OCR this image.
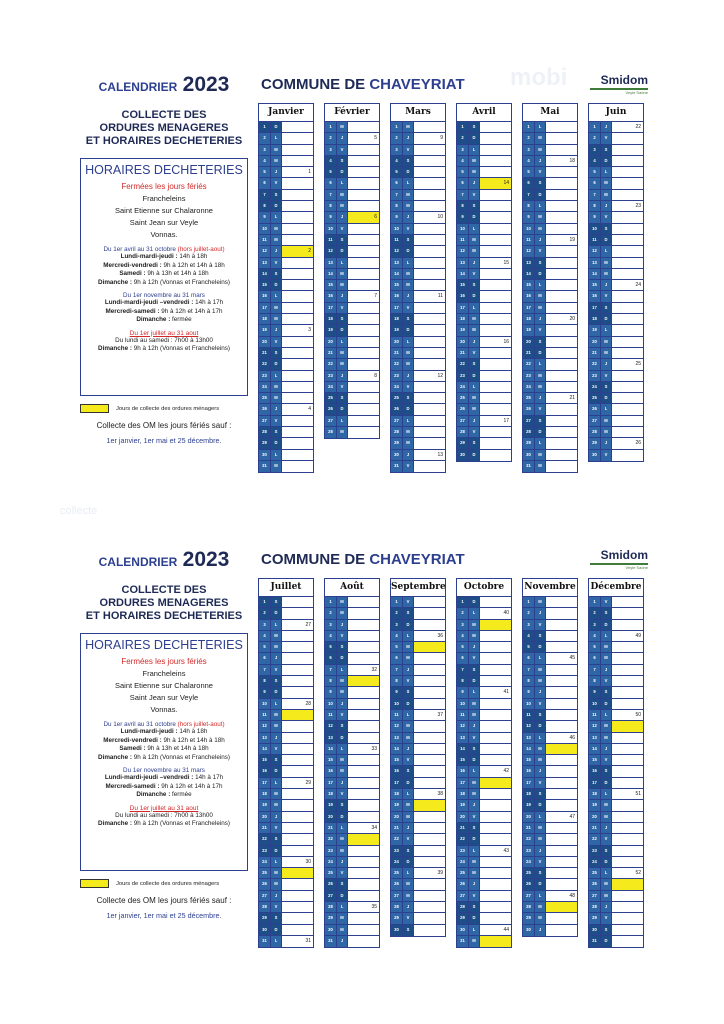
mobi
CALENDRIER 2023
COLLECTE DES
ORDURES MENAGERES
ET HORAIRES DECHETERIES
HORAIRES DECHETERIES
Fermées les jours fériés
Francheleins
Saint Etienne sur Chalaronne
Saint Jean sur Veyle
Vonnas.
Du 1er avril au 31 octobre (hors juillet-aout)
Lundi-mardi-jeudi : 14h à 18h
Mercredi-vendredi : 9h à 12h et 14h à 18h
Samedi : 9h à 13h et 14h à 18h
Dimanche : 9h à 12h (Vonnas et Francheleins)
Du 1er novembre au 31 mars
Lundi-mardi-jeudi –vendredi : 14h à 17h
Mercredi-samedi : 9h à 12h et 14h à 17h
Dimanche : fermée
Du 1er juillet au 31 aout
Du lundi au samedi : 7h00 à 13h00
Dimanche : 9h à 12h (Vonnas et Francheleins)
Jours de collecte des ordures ménagers
Collecte des OM les jours fériés sauf :
1er janvier, 1er mai et 25 décembre.
COMMUNE DE CHAVEYRIAT	Smidom
Veyle Saône
Janvier
1	D
2	L
3	M
4	M
5	J	1
6	V
7	S
8	D
9	L
10	M
11	M
12	J	2
13	V
14	S
15	D
16	L
17	M
18	M
19	J	3
20	V
21	S
22	D
23	L
24	M
25	M
26	J	4
27	V
28	S
29	D
30	L
31	M
Février
1	M
2	J	5
3	V
4	S
5	D
6	L
7	M
8	M
9	J	6
10	V
11	S
12	D
13	L
14	M
15	M
16	J	7
17	V
18	S
19	D
20	L
21	M
22	M
23	J	8
24	V
25	S
26	D
27	L
28	M
Mars
1	M
2	J	9
3	V
4	S
5	D
6	L
7	M
8	M
9	J	10
10	V
11	S
12	D
13	L
14	M
15	M
16	J	11
17	V
18	S
19	D
20	L
21	M
22	M
23	J	12
24	V
25	S
26	D
27	L
28	M
29	M
30	J	13
31	V
Avril
1	S
2	D
3	L
4	M
5	M
6	J	14
7	V
8	S
9	D
10	L
11	M
12	M
13	J	15
14	V
15	S
16	D
17	L
18	M
19	M
20	J	16
21	V
22	S
23	D
24	L
25	M
26	M
27	J	17
28	V
29	S
30	D
Mai
1	L
2	M
3	M
4	J	18
5	V
6	S
7	D
8	L
9	M
10	M
11	J	19
12	V
13	S
14	D
15	L
16	M
17	M
18	J	20
19	V
20	S
21	D
22	L
23	M
24	M
25	J	21
26	V
27	S
28	D
29	L
30	M
31	M
Juin
1	J	22
2	V
3	S
4	D
5	L
6	M
7	M
8	J	23
9	V
10	S
11	D
12	L
13	M
14	M
15	J	24
16	V
17	S
18	D
19	L
20	M
21	M
22	J	25
23	V
24	S
25	D
26	L
27	M
28	M
29	J	26
30	V
collecte
CALENDRIER 2023
COLLECTE DES
ORDURES MENAGERES
ET HORAIRES DECHETERIES
HORAIRES DECHETERIES
Fermées les jours fériés
Francheleins
Saint Etienne sur Chalaronne
Saint Jean sur Veyle
Vonnas.
Du 1er avril au 31 octobre (hors juillet-aout)
Lundi-mardi-jeudi : 14h à 18h
Mercredi-vendredi : 9h à 12h et 14h à 18h
Samedi : 9h à 13h et 14h à 18h
Dimanche : 9h à 12h (Vonnas et Francheleins)
Du 1er novembre au 31 mars
Lundi-mardi-jeudi –vendredi : 14h à 17h
Mercredi-samedi : 9h à 12h et 14h à 17h
Dimanche : fermée
Du 1er juillet au 31 aout
Du lundi au samedi : 7h00 à 13h00
Dimanche : 9h à 12h (Vonnas et Francheleins)
Jours de collecte des ordures ménagers
Collecte des OM les jours fériés sauf :
1er janvier, 1er mai et 25 décembre.
COMMUNE DE CHAVEYRIAT	Smidom
Veyle Saône
Juillet
1	S
2	D
3	L	27
4	M
5	M
6	J
7	V
8	S
9	D
10	L	28
11	M
12	M
13	J
14	V
15	S
16	D
17	L	29
18	M
19	M
20	J
21	V
22	S
23	D
24	L	30
25	M
26	M
27	J
28	V
29	S
30	D
31	L	31
Août
1	M
2	M
3	J
4	V
5	S
6	D
7	L	32
8	M
9	M
10	J
11	V
12	S
13	D
14	L	33
15	M
16	M
17	J
18	V
19	S
20	D
21	L	34
22	M
23	M
24	J
25	V
26	S
27	D
28	L	35
29	M
30	M
31	J
Septembre
1	V
2	S
3	D
4	L	36
5	M
6	M
7	J
8	V
9	S
10	D
11	L	37
12	M
13	M
14	J
15	V
16	S
17	D
18	L	38
19	M
20	M
21	J
22	V
23	S
24	D
25	L	39
26	M
27	M
28	J
29	V
30	S
Octobre
1	D
2	L	40
3	M
4	M
5	J
6	V
7	S
8	D
9	L	41
10	M
11	M
12	J
13	V
14	S
15	D
16	L	42
17	M
18	M
19	J
20	V
21	S
22	D
23	L	43
24	M
25	M
26	J
27	V
28	S
29	D
30	L	44
31	M
Novembre
1	M
2	J
3	V
4	S
5	D
6	L	45
7	M
8	M
9	J
10	V
11	S
12	D
13	L	46
14	M
15	M
16	J
17	V
18	S
19	D
20	L	47
21	M
22	M
23	J
24	V
25	S
26	D
27	L	48
28	M
29	M
30	J
Décembre
1	V
2	S
3	D
4	L	49
5	M
6	M
7	J
8	V
9	S
10	D
11	L	50
12	M
13	M
14	J
15	V
16	S
17	D
18	L	51
19	M
20	M
21	J
22	V
23	S
24	D
25	L	52
26	M
27	M
28	J
29	V
30	S
31	D
